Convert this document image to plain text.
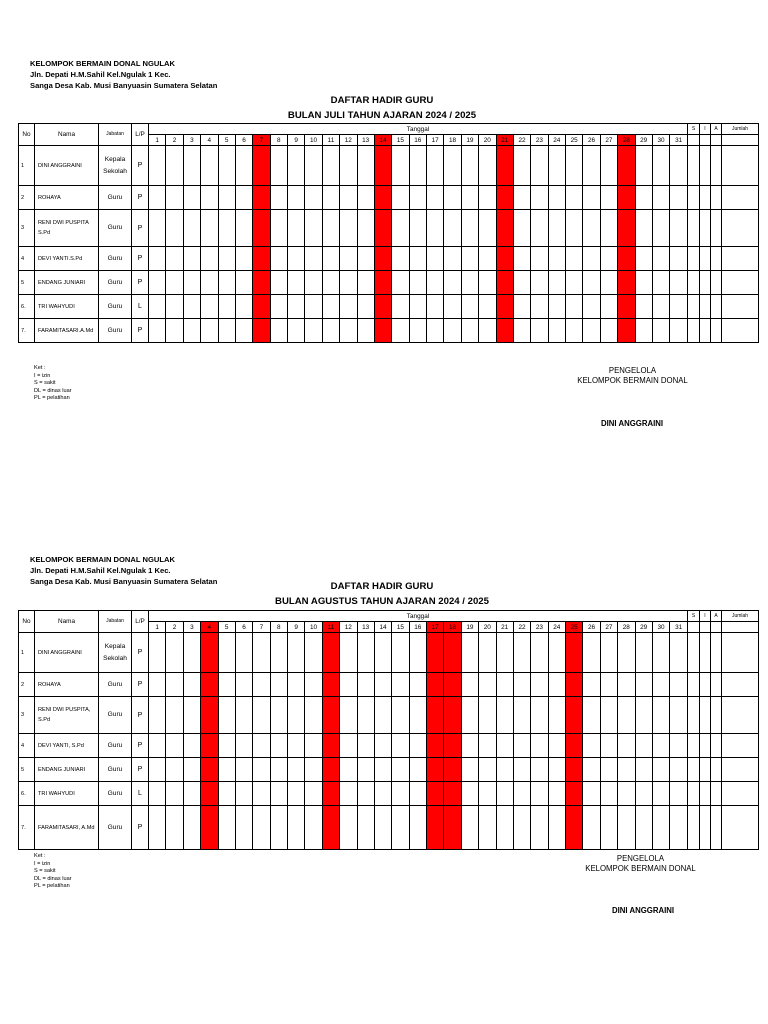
KELOMPOK BERMAIN DONAL NGULAK
Jln. Depati H.M.Sahil Kel.Ngulak 1 Kec.
Sanga Desa Kab. Musi Banyuasin Sumatera Selatan
DAFTAR HADIR GURU
BULAN JULI TAHUN AJARAN 2024 / 2025
No	Nama	Jabatan	L/P	Tanggal																															S	I	A	Jumlah
				1	2	3	4	5	6	7	8	9	10	11	12	13	14	15	16	17	18	19	20	21	22	23	24	25	26	27	28	29	30	31				
1	DINI ANGGRAINI	Kepala Sekolah	P																																			
2	ROHAYA	Guru	P																																			
3	RENI DWI PUSPITA S.Pd	Guru	P																																			
4	DEVI YANTI.S.Pd	Guru	P																																			
5	ENDANG JUNIARI	Guru	P																																			
6.	TRI WAHYUDI	Guru	L																																			
7.	FARAMITASARI.A.Md	Guru	P																																			
Ket :
I = izin
S = sakit
DL = dinas luar
PL = pelatihan
PENGELOLA
KELOMPOK BERMAIN DONAL
DINI ANGGRAINI
KELOMPOK BERMAIN DONAL NGULAK
Jln. Depati H.M.Sahil Kel.Ngulak 1 Kec.
Sanga Desa Kab. Musi Banyuasin Sumatera Selatan	DAFTAR HADIR GURU
BULAN AGUSTUS TAHUN AJARAN 2024 / 2025
No	Nama	Jabatan	L/P	Tanggal																															S	I	A	Jumlah
				1	2	3	4	5	6	7	8	9	10	11	12	13	14	15	16	17	18	19	20	21	22	23	24	25	26	27	28	29	30	31				
1	DINI ANGGRAINI	Kepala Sekolah	P																																			
2	ROHAYA	Guru	P																																			
3	RENI DWI PUSPITA, S.Pd	Guru	P																																			
4	DEVI YANTI, S.Pd	Guru	P																																			
5	ENDANG JUNIARI	Guru	P																																			
6.	TRI WAHYUDI	Guru	L																																			
7.	FARAMITASARI, A.Md	Guru	P																																			
Ket :
I = izin
S = sakit
DL = dinas luar
PL = pelatihan
PENGELOLA
KELOMPOK BERMAIN DONAL
DINI ANGGRAINI
